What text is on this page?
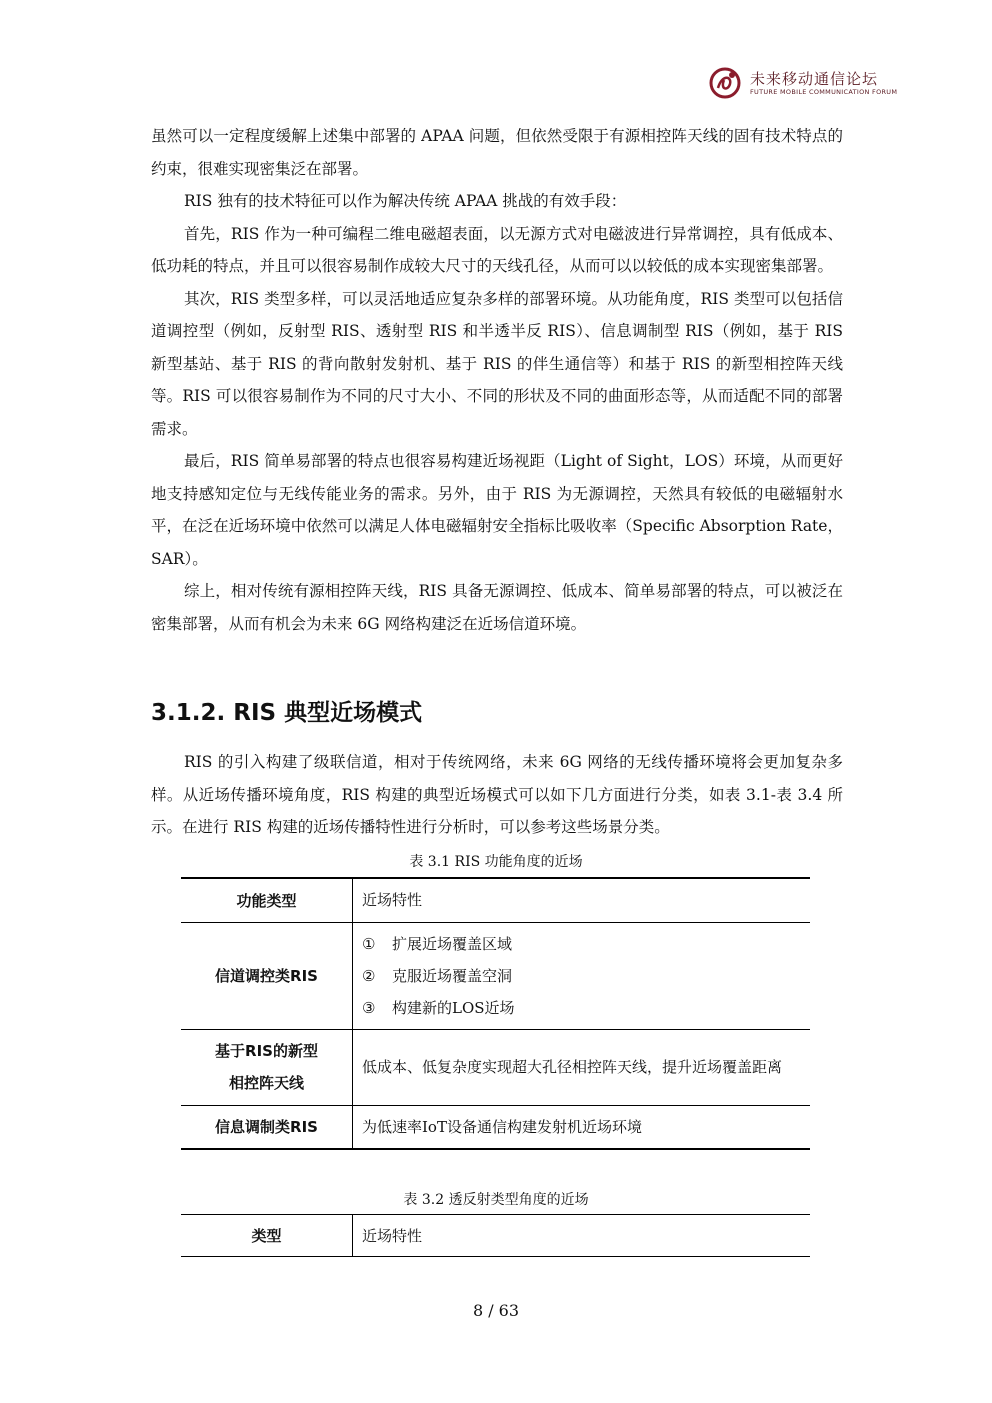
未来移动通信论坛
FUTURE MOBILE COMMUNICATION FORUM

虽然可以一定程度缓解上述集中部署的 APAA 问题，但依然受限于有源相控阵天线的固有技术特点的约束，很难实现密集泛在部署。

RIS 独有的技术特征可以作为解决传统 APAA 挑战的有效手段：

首先，RIS 作为一种可编程二维电磁超表面，以无源方式对电磁波进行异常调控，具有低成本、低功耗的特点，并且可以很容易制作成较大尺寸的天线孔径，从而可以以较低的成本实现密集部署。

其次，RIS 类型多样，可以灵活地适应复杂多样的部署环境。从功能角度，RIS 类型可以包括信道调控型（例如，反射型 RIS、透射型 RIS 和半透半反 RIS）、信息调制型 RIS（例如，基于 RIS 新型基站、基于 RIS 的背向散射发射机、基于 RIS 的伴生通信等）和基于 RIS 的新型相控阵天线等。RIS 可以很容易制作为不同的尺寸大小、不同的形状及不同的曲面形态等，从而适配不同的部署需求。

最后，RIS 简单易部署的特点也很容易构建近场视距（Light of Sight，LOS）环境，从而更好地支持感知定位与无线传能业务的需求。另外，由于 RIS 为无源调控，天然具有较低的电磁辐射水平，在泛在近场环境中依然可以满足人体电磁辐射安全指标比吸收率（Specific Absorption Rate，SAR）。

综上，相对传统有源相控阵天线，RIS 具备无源调控、低成本、简单易部署的特点，可以被泛在密集部署，从而有机会为未来 6G 网络构建泛在近场信道环境。

3.1.2. RIS 典型近场模式

RIS 的引入构建了级联信道，相对于传统网络，未来 6G 网络的无线传播环境将会更加复杂多样。从近场传播环境角度，RIS 构建的典型近场模式可以如下几方面进行分类，如表 3.1-表 3.4 所示。在进行 RIS 构建的近场传播特性进行分析时，可以参考这些场景分类。

表 3.1 RIS 功能角度的近场
功能类型	近场特性
信道调控类RIS	① 扩展近场覆盖区域
② 克服近场覆盖空洞
③ 构建新的LOS近场

基于RIS的新型
相控阵天线	低成本、低复杂度实现超大孔径相控阵天线，提升近场覆盖距离
信息调制类RIS	为低速率IoT设备通信构建发射机近场环境
表 3.2 透反射类型角度的近场
类型	近场特性
8 / 63
